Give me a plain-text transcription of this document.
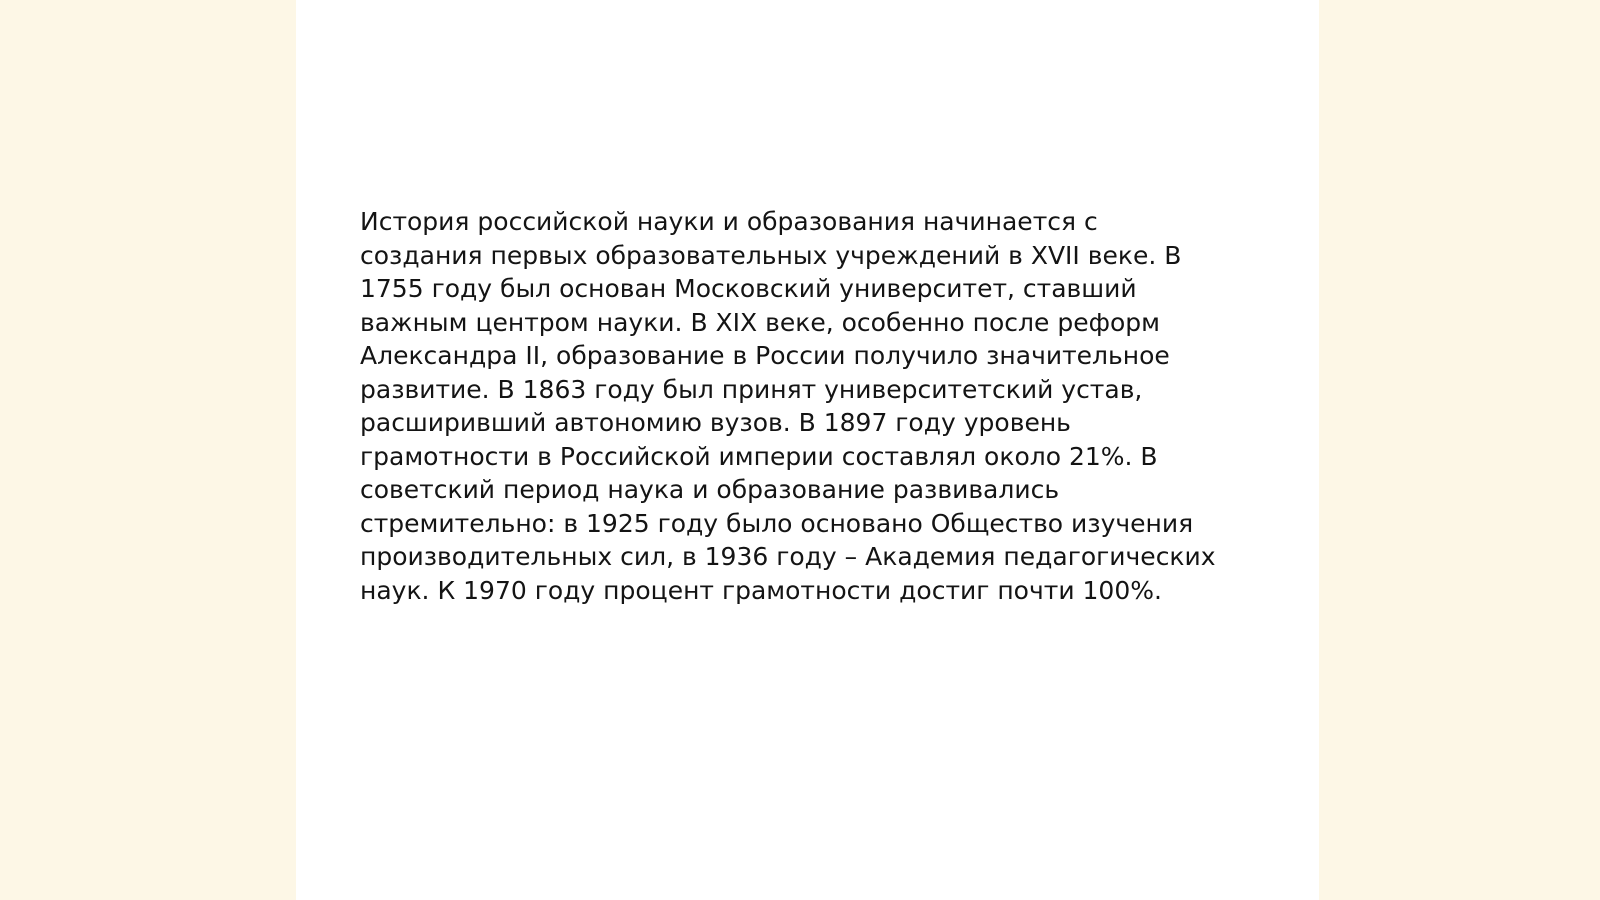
История российской науки и образования начинается с
создания первых образовательных учреждений в XVII веке. В
1755 году был основан Московский университет, ставший
важным центром науки. В XIX веке, особенно после реформ
Александра II, образование в России получило значительное
развитие. В 1863 году был принят университетский устав,
расширивший автономию вузов. В 1897 году уровень
грамотности в Российской империи составлял около 21%. В
советский период наука и образование развивались
стремительно: в 1925 году было основано Общество изучения
производительных сил, в 1936 году – Академия педагогических
наук. К 1970 году процент грамотности достиг почти 100%.
